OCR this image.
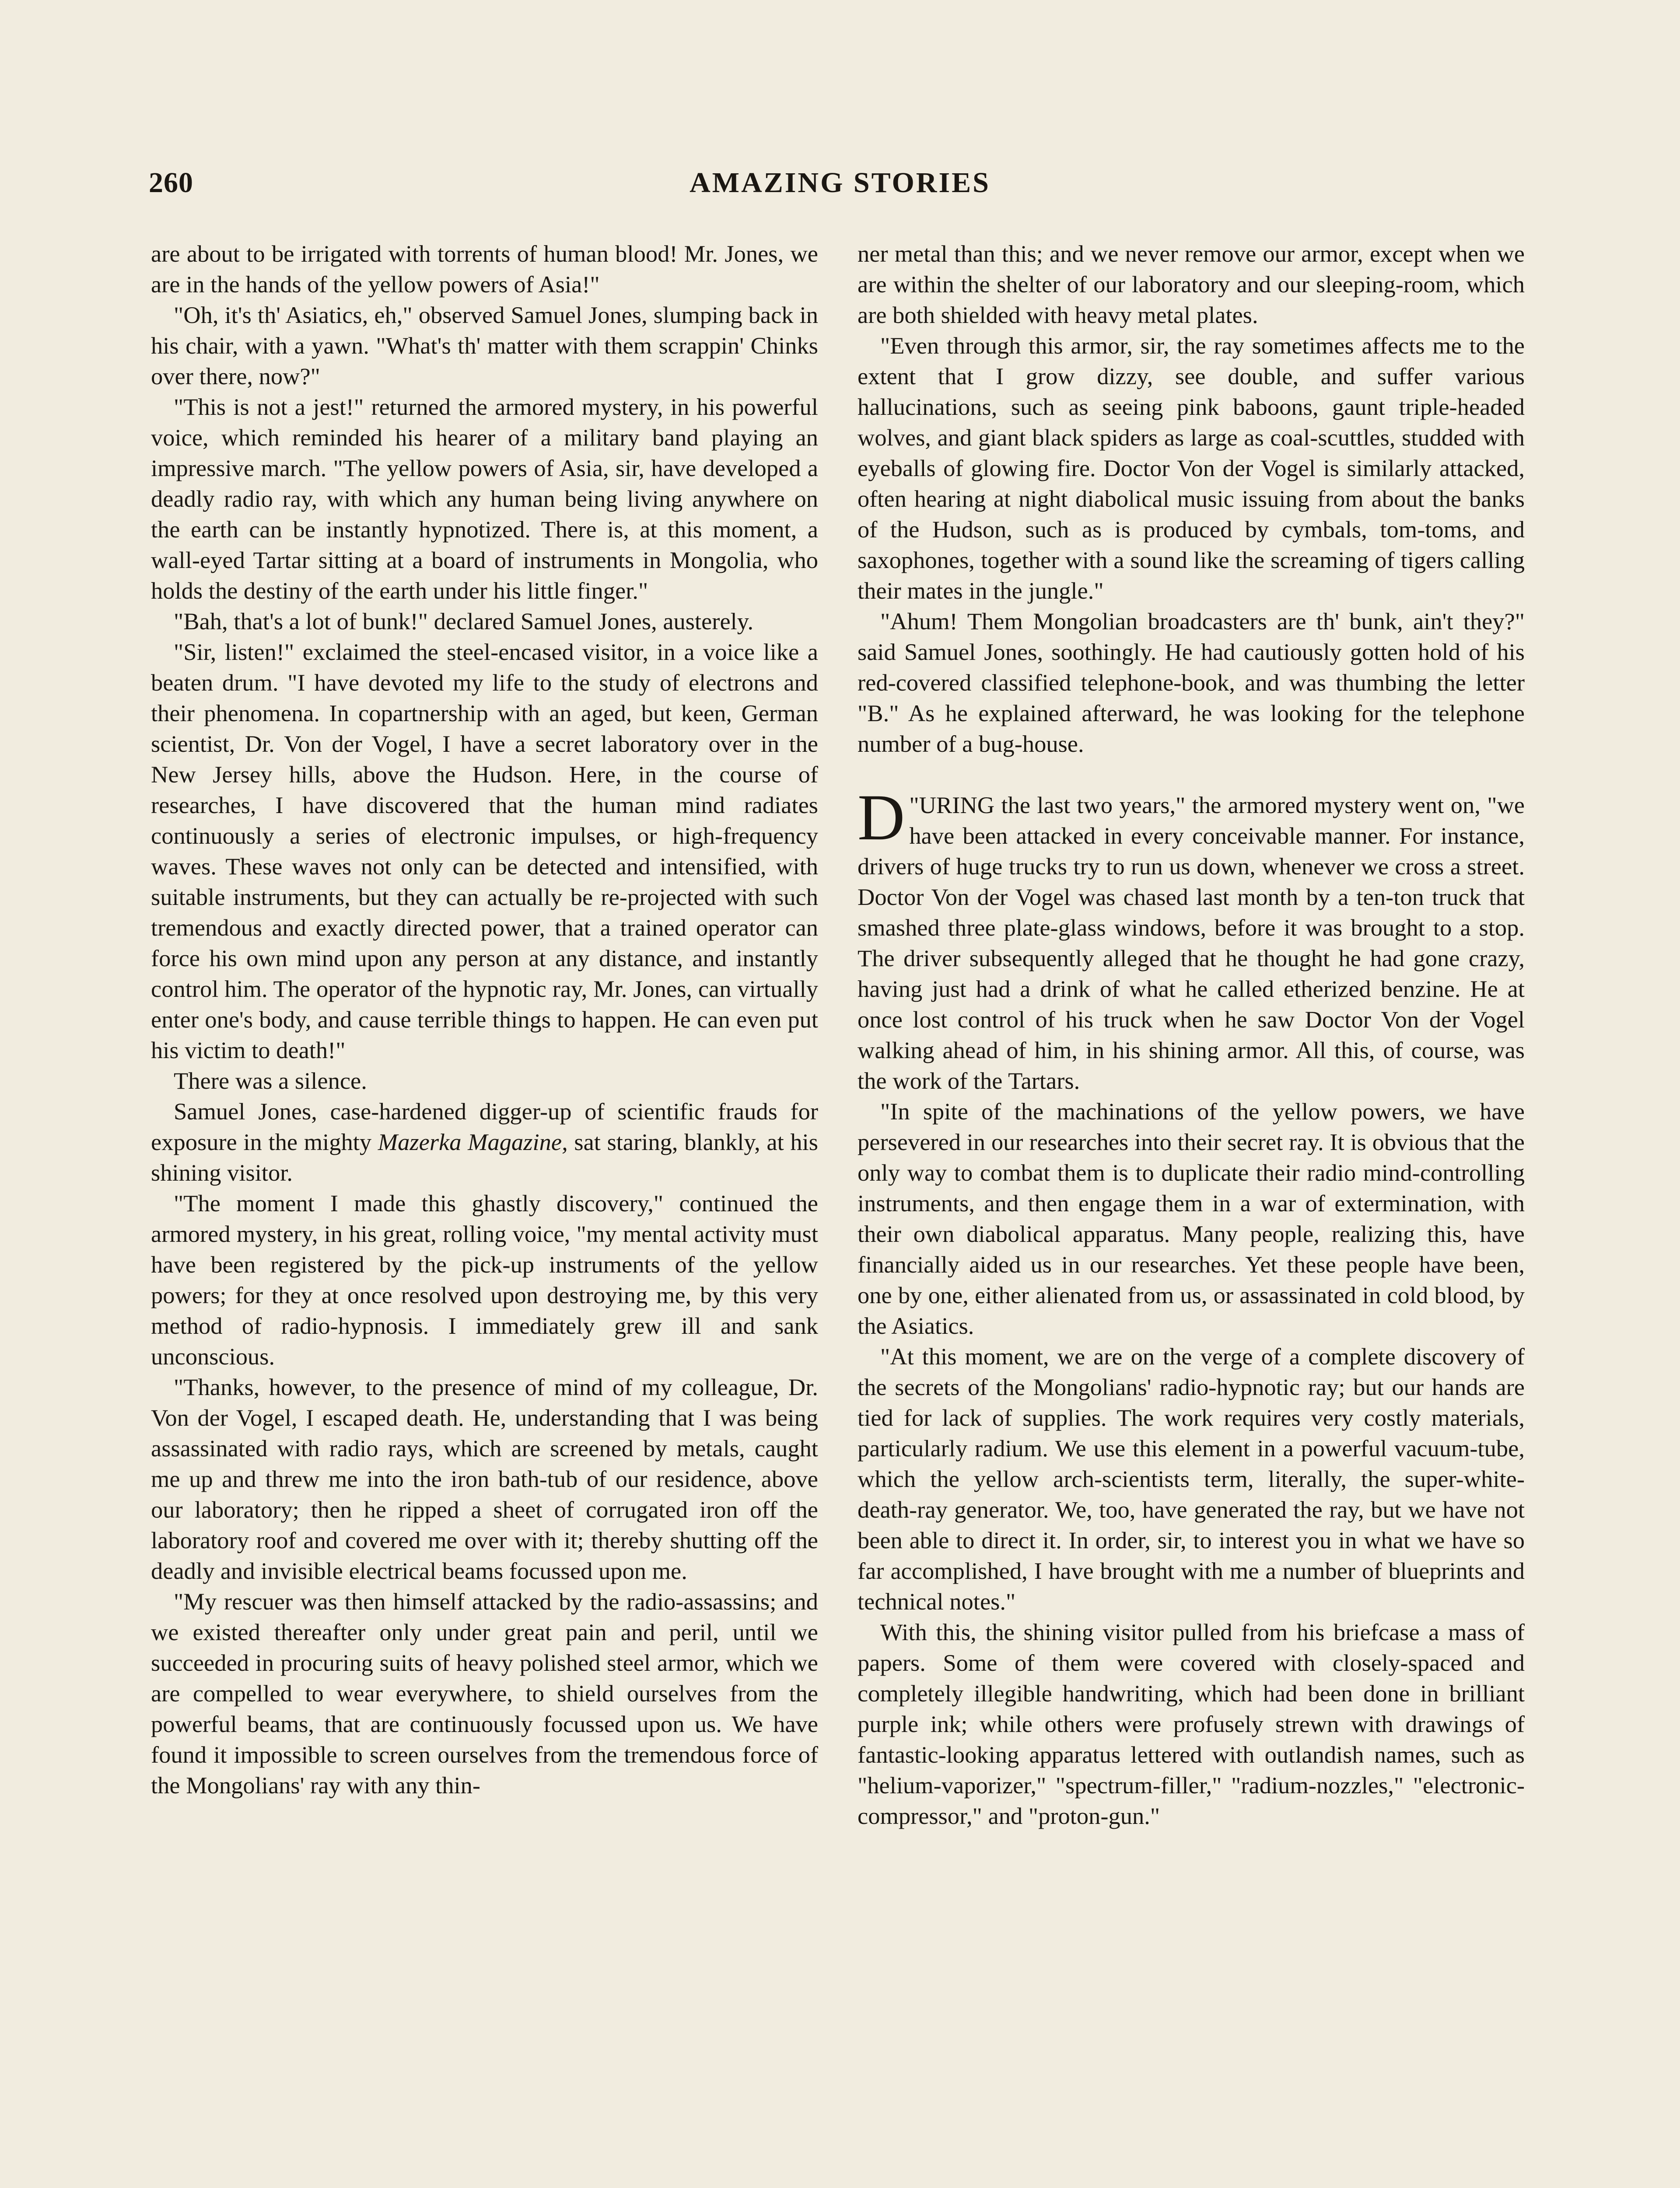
260	AMAZING STORIES

are about to be irrigated with torrents of human blood! Mr. Jones, we are in the hands of the yellow powers of Asia!"

"Oh, it's th' Asiatics, eh," observed Samuel Jones, slumping back in his chair, with a yawn. "What's th' matter with them scrappin' Chinks over there, now?"

"This is not a jest!" returned the armored mystery, in his powerful voice, which reminded his hearer of a military band playing an impressive march. "The yellow powers of Asia, sir, have developed a deadly radio ray, with which any human being living anywhere on the earth can be instantly hypnotized. There is, at this moment, a wall-eyed Tartar sitting at a board of instruments in Mongolia, who holds the destiny of the earth under his little finger."

"Bah, that's a lot of bunk!" declared Samuel Jones, austerely.

"Sir, listen!" exclaimed the steel-encased visitor, in a voice like a beaten drum. "I have devoted my life to the study of electrons and their phenomena. In copartnership with an aged, but keen, German scientist, Dr. Von der Vogel, I have a secret laboratory over in the New Jersey hills, above the Hudson. Here, in the course of researches, I have discovered that the human mind radiates continuously a series of electronic impulses, or high-frequency waves. These waves not only can be detected and intensified, with suitable instruments, but they can actually be re-projected with such tremendous and exactly directed power, that a trained operator can force his own mind upon any person at any distance, and instantly control him. The operator of the hypnotic ray, Mr. Jones, can virtually enter one's body, and cause terrible things to happen. He can even put his victim to death!"

There was a silence.

Samuel Jones, case-hardened digger-up of scientific frauds for exposure in the mighty Mazerka Magazine, sat staring, blankly, at his shining visitor.

"The moment I made this ghastly discovery," continued the armored mystery, in his great, rolling voice, "my mental activity must have been registered by the pick-up instruments of the yellow powers; for they at once resolved upon destroying me, by this very method of radio-hypnosis. I immediately grew ill and sank unconscious.

"Thanks, however, to the presence of mind of my colleague, Dr. Von der Vogel, I escaped death. He, understanding that I was being assassinated with radio rays, which are screened by metals, caught me up and threw me into the iron bath-tub of our residence, above our laboratory; then he ripped a sheet of corrugated iron off the laboratory roof and covered me over with it; thereby shutting off the deadly and invisible electrical beams focussed upon me.

"My rescuer was then himself attacked by the radio-assassins; and we existed thereafter only under great pain and peril, until we succeeded in procuring suits of heavy polished steel armor, which we are compelled to wear everywhere, to shield ourselves from the powerful beams, that are continuously focussed upon us. We have found it impossible to screen ourselves from the tremendous force of the Mongolians' ray with any thin-

ner metal than this; and we never remove our armor, except when we are within the shelter of our laboratory and our sleeping-room, which are both shielded with heavy metal plates.

"Even through this armor, sir, the ray sometimes affects me to the extent that I grow dizzy, see double, and suffer various hallucinations, such as seeing pink baboons, gaunt triple-headed wolves, and giant black spiders as large as coal-scuttles, studded with eyeballs of glowing fire. Doctor Von der Vogel is similarly attacked, often hearing at night diabolical music issuing from about the banks of the Hudson, such as is produced by cymbals, tom-toms, and saxophones, together with a sound like the screaming of tigers calling their mates in the jungle."

"Ahum! Them Mongolian broadcasters are th' bunk, ain't they?" said Samuel Jones, soothingly. He had cautiously gotten hold of his red-covered classified telephone-book, and was thumbing the letter "B." As he explained afterward, he was looking for the telephone number of a bug-house.

"
D URING the last two years," the armored mystery went on, "we have been attacked in every conceivable manner. For instance, drivers of huge trucks try to run us down, whenever we cross a street. Doctor Von der Vogel was chased last month by a ten-ton truck that smashed three plate-glass windows, before it was brought to a stop. The driver subsequently alleged that he thought he had gone crazy, having just had a drink of what he called etherized benzine. He at once lost control of his truck when he saw Doctor Von der Vogel walking ahead of him, in his shining armor. All this, of course, was the work of the Tartars.

"In spite of the machinations of the yellow powers, we have persevered in our researches into their secret ray. It is obvious that the only way to combat them is to duplicate their radio mind-controlling instruments, and then engage them in a war of extermination, with their own diabolical apparatus. Many people, realizing this, have financially aided us in our researches. Yet these people have been, one by one, either alienated from us, or assassinated in cold blood, by the Asiatics.

"At this moment, we are on the verge of a complete discovery of the secrets of the Mongolians' radio-hypnotic ray; but our hands are tied for lack of supplies. The work requires very costly materials, particularly radium. We use this element in a powerful vacuum-tube, which the yellow arch-scientists term, literally, the super-white-death-ray generator. We, too, have generated the ray, but we have not been able to direct it. In order, sir, to interest you in what we have so far accomplished, I have brought with me a number of blueprints and technical notes."

With this, the shining visitor pulled from his briefcase a mass of papers. Some of them were covered with closely-spaced and completely illegible handwriting, which had been done in brilliant purple ink; while others were profusely strewn with drawings of fantastic-looking apparatus lettered with outlandish names, such as "helium-vaporizer," "spectrum-filler," "radium-nozzles," "electronic-compressor," and "proton-gun."
